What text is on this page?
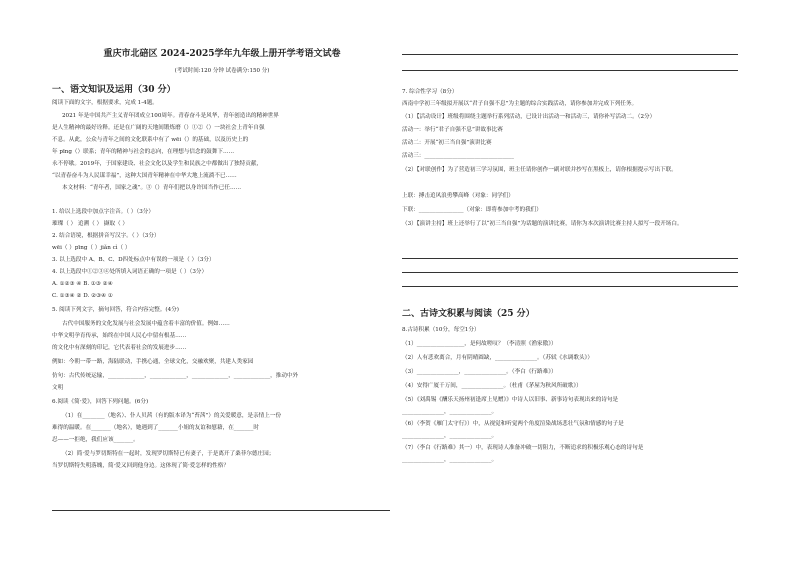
重庆市北碚区 2024-2025学年九年级上册开学考语文试卷
(考试时间:120 分钟 试卷满分:150 分)
一、语文知识及运用（30 分）
阅读下面的文字，根据要求，完成 1-4题。
2021 年是中国共产主义青年团成立100周年。青春奋斗是风华，青年创造出的精神世界
是人生精神的最好诠释。还是在广阔的天地间锻炼磨（）①②（）一块社会上青年自强
不息。从此，公众与青年之间的文化联系中有了 wēi（）的基础，以及历史上的
年 pīng（）联系；青年的精神与社会的志向，在理想与信念的鼓舞下……
永不停歇。2019年，于国家建设、社会文化以及学生和民族之中都做出了独特贡献，
“以青春奋斗为人民谋幸福”，这种大国青年精神在中华大地上流淌不已……
本文材料：“青年者，国家之魂”。③（）青年们把以身许国当作已任……
1. 给以上选段中加点字注音。（ ）（3分）
璀璨（ ） 追溯（ ） 撷取（ ）
2. 结合语境，根据拼音写汉字。（ ）（3分）
wēi（ ）pīng（ ）jiǎn cì（ ）
3. 以上选段中 A、B、C、D四处标点中有误的一项是（ ）（3分）
4. 以上选段中①②③④处所填入词语正确的一项是（ ）（3分）
A. ①②③ ④ B. ①③ ②④
C. ①③④ ② D. ②③④ ①
5. 阅读下列文字，摘句回答，符合内容完整。(4分)
古代中国服务的文化发展与社会发展中蕴含着丰富的价值。例如……
中华文明孕育传承，始终在中国人民心中留有根基……
的文化中有深刻的印记，它代表着社会的发展进步……
例如：今朝一带一路，海陆联动，手携心通，全球文化，交融欢聚，共建人类家园
仿句：古代传统运输，_____________，_____________，_____________，_____________，推动中外
文明
6.阅读《简·爱》，回答下列问题。(6分)
（1）在________（地名）、仆人贝茜（有的版本译为“苔茜”）的关爱暖意，是亲情上一份
难得的温暖。在_______（地名），她遇到了_______小姐的友谊和慰藉，在_______时
忍——一拒绝，我们应该_______。
（2）简·爱与罗切斯特在一起时，发现罗切斯特已有妻子，于是离开了桑菲尔德庄园；
当罗切斯特失明落魄，简·爱又回到他身边。这体现了简·爱怎样的性格？
7. 综合性学习（8分）
西南中学初三年级拟开展以“君子自强不息”为主题的综合实践活动，请你参加并完成下列任务。
（1）【活动设计】班级将围绕主题举行系列活动，已设计出活动一和活动三，请你补写活动二。（2分）
活动一：举行“君子自强不息”讲故事比赛
活动二：开展“初三当自强”演讲比赛
活动三：________________________________
（2）【对联创作】为了营造初三学习氛围，班主任请你创作一副对联并抄写在黑板上，请你根据提示写出下联。
上联：搏击追风浪勇攀高峰（对象：同学们）
下联：________________（对象：即将参加中考的我们）
（3）【演讲主持】班上还举行了以“初三当自强”为话题的演讲比赛，请你为本次演讲比赛主持人拟写一段开场白。
二、古诗文积累与阅读（25 分）
8.古诗积累（10分，每空1分）
（1）_________________，是何故嗟叹？（李清照《渔家傲》）
（2）人有悲欢离合，月有阴晴圆缺，_______________。（苏轼《水调歌头》）
（3）_______________，_______________。（李白《行路难》）
（4）安得广厦千万间，_______________。（杜甫《茅屋为秋风所破歌》）
（5）《刘禹锡《酬乐天扬州初逢席上见赠》》中诗人以旧事、新事诗句表现出来的诗句是
_______________，_______________。
（6）（李贺《雁门太守行》）中，从视觉和听觉两个角度渲染战场悲壮气氛和情感的句子是
_______________，_______________。
（7）（李白《行路难》其一）中，表现诗人准备冲破一切阻力，不断追求的积极乐观心态的诗句是
_______________，_______________。
